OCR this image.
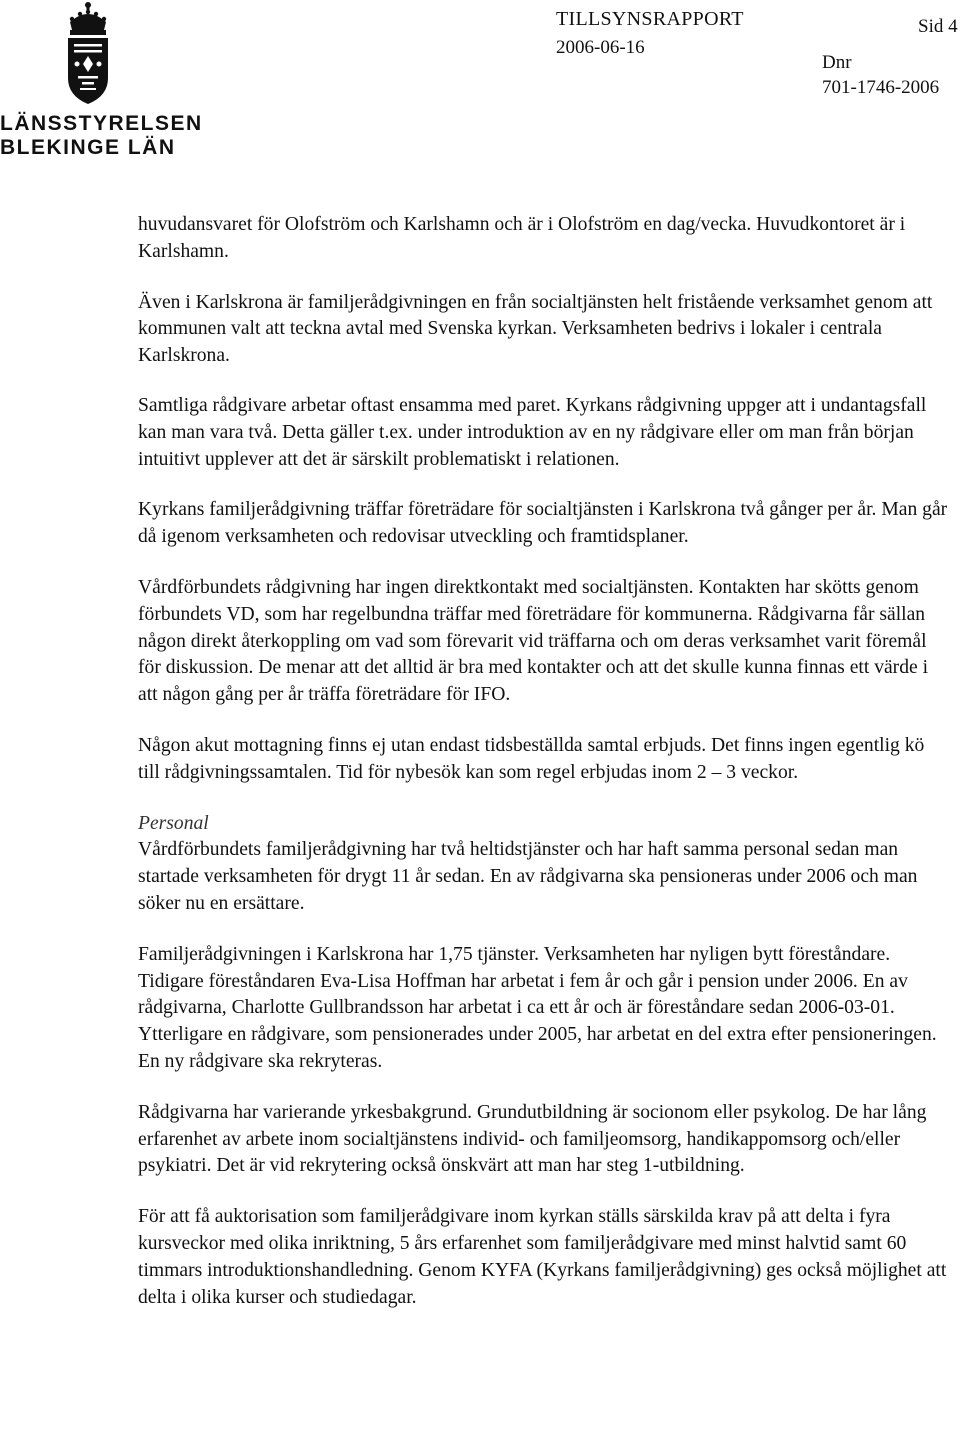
LÄNSSTYRELSEN
BLEKINGE LÄN
TILLSYNSRAPPORT
2006-06-16
Sid 4
Dnr
701-1746-2006

huvudansvaret för Olofström och Karlshamn och är i Olofström en dag/vecka. Huvudkontoret är i Karlshamn.

Även i Karlskrona är familjerådgivningen en från socialtjänsten helt fristående verksamhet genom att kommunen valt att teckna avtal med Svenska kyrkan. Verksamheten bedrivs i lokaler i centrala Karlskrona.

Samtliga rådgivare arbetar oftast ensamma med paret. Kyrkans rådgivning uppger att i undantagsfall kan man vara två. Detta gäller t.ex. under introduktion av en ny rådgivare eller om man från början intuitivt upplever att det är särskilt problematiskt i relationen.

Kyrkans familjerådgivning träffar företrädare för socialtjänsten i Karlskrona två gånger per år. Man går då igenom verksamheten och redovisar utveckling och framtidsplaner.

Vårdförbundets rådgivning har ingen direktkontakt med socialtjänsten. Kontakten har skötts genom förbundets VD, som har regelbundna träffar med företrädare för kommunerna. Rådgivarna får sällan någon direkt återkoppling om vad som förevarit vid träffarna och om deras verksamhet varit föremål för diskussion. De menar att det alltid är bra med kontakter och att det skulle kunna finnas ett värde i att någon gång per år träffa företrädare för IFO.

Någon akut mottagning finns ej utan endast tidsbeställda samtal erbjuds. Det finns ingen egentlig kö till rådgivningssamtalen. Tid för nybesök kan som regel erbjudas inom 2 – 3 veckor.

Personal

Vårdförbundets familjerådgivning har två heltidstjänster och har haft samma personal sedan man startade verksamheten för drygt 11 år sedan. En av rådgivarna ska pensioneras under 2006 och man söker nu en ersättare.

Familjerådgivningen i Karlskrona har 1,75 tjänster. Verksamheten har nyligen bytt föreståndare. Tidigare föreståndaren Eva-Lisa Hoffman har arbetat i fem år och går i pension under 2006. En av rådgivarna, Charlotte Gullbrandsson har arbetat i ca ett år och är föreståndare sedan 2006-03-01. Ytterligare en rådgivare, som pensionerades under 2005, har arbetat en del extra efter pensioneringen. En ny rådgivare ska rekryteras.

Rådgivarna har varierande yrkesbakgrund. Grundutbildning är socionom eller psykolog. De har lång erfarenhet av arbete inom socialtjänstens individ- och familjeomsorg, handikappomsorg och/eller psykiatri. Det är vid rekrytering också önskvärt att man har steg 1-utbildning.

För att få auktorisation som familjerådgivare inom kyrkan ställs särskilda krav på att delta i fyra kursveckor med olika inriktning, 5 års erfarenhet som familjerådgivare med minst halvtid samt 60 timmars introduktionshandledning. Genom KYFA (Kyrkans familjerådgivning) ges också möjlighet att delta i olika kurser och studiedagar.
